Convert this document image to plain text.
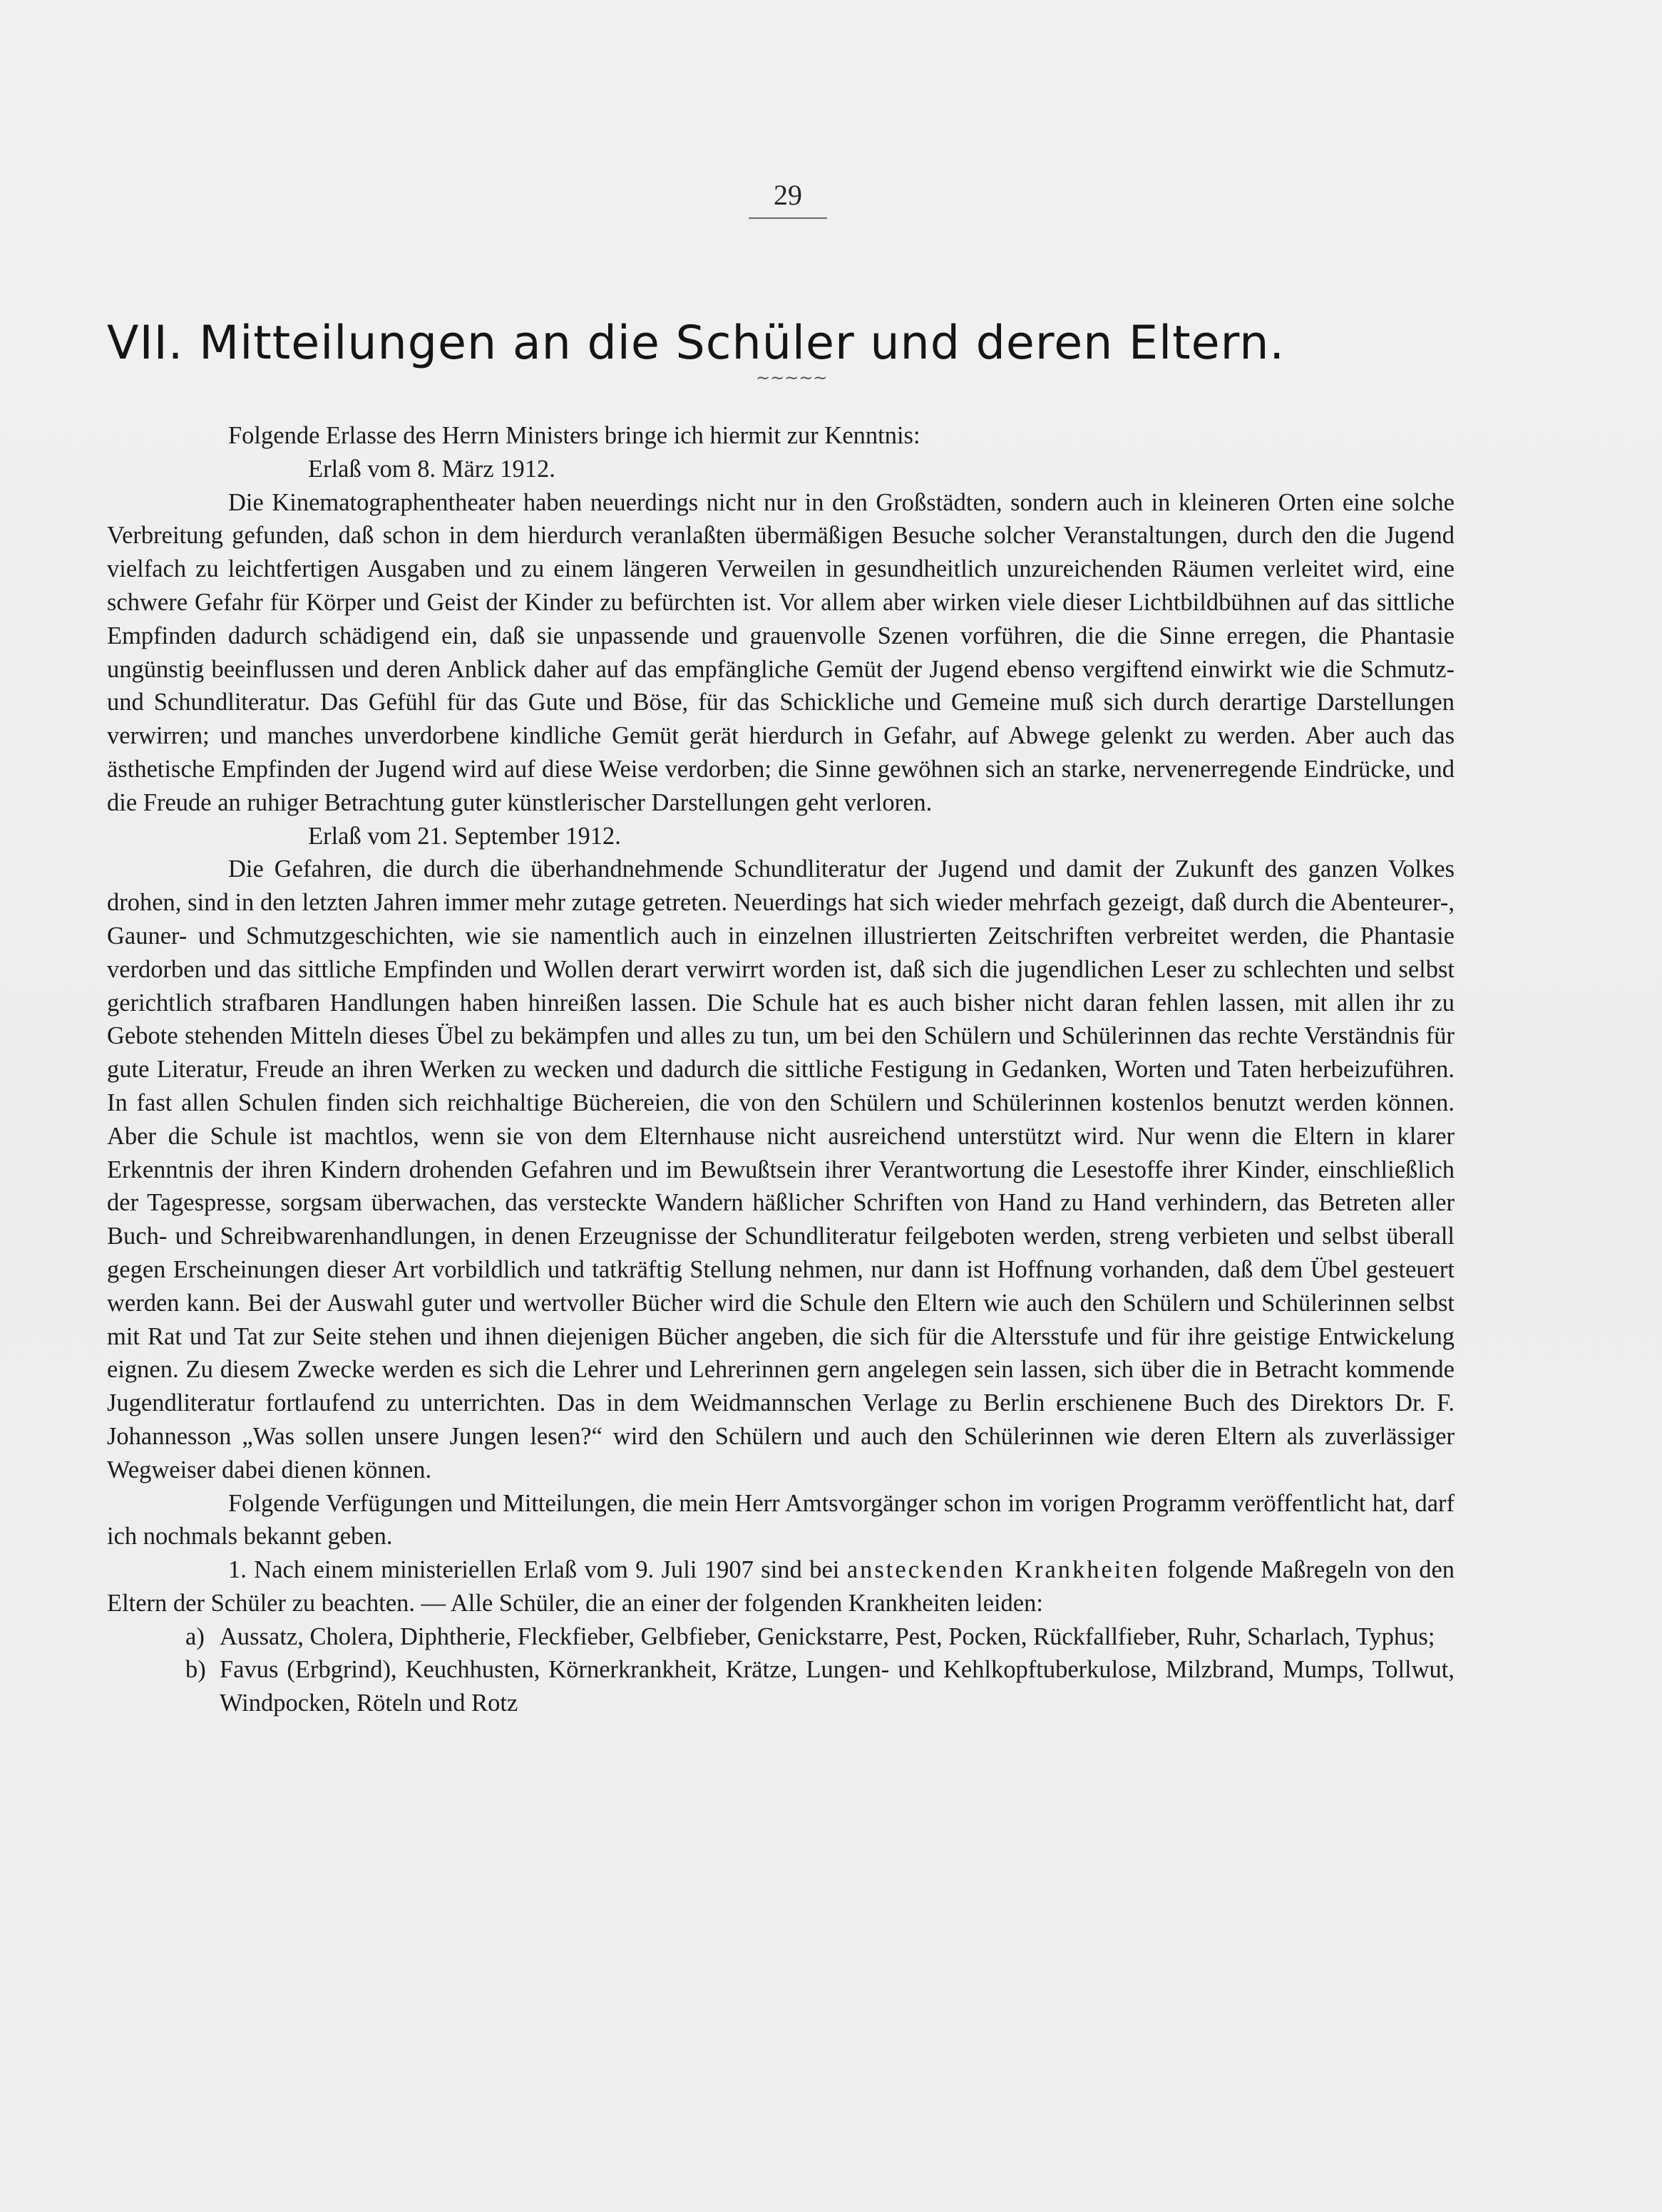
29
VII. Mitteilungen an die Schüler und deren Eltern.
~~~~~

Folgende Erlasse des Herrn Ministers bringe ich hiermit zur Kenntnis:

Erlaß vom 8. März 1912.

Die Kinematographentheater haben neuerdings nicht nur in den Großstädten, sondern auch in kleineren Orten eine solche Verbreitung gefunden, daß schon in dem hierdurch veranlaßten übermäßigen Besuche solcher Veranstaltungen, durch den die Jugend vielfach zu leichtfertigen Ausgaben und zu einem längeren Verweilen in gesundheitlich unzureichenden Räumen verleitet wird, eine schwere Gefahr für Körper und Geist der Kinder zu befürchten ist. Vor allem aber wirken viele dieser Lichtbildbühnen auf das sittliche Empfinden dadurch schädigend ein, daß sie unpassende und grauenvolle Szenen vorführen, die die Sinne erregen, die Phantasie ungünstig beeinflussen und deren Anblick daher auf das empfängliche Gemüt der Jugend ebenso vergiftend einwirkt wie die Schmutz- und Schundliteratur. Das Gefühl für das Gute und Böse, für das Schickliche und Gemeine muß sich durch derartige Darstellungen verwirren; und manches unverdorbene kindliche Gemüt gerät hierdurch in Gefahr, auf Abwege gelenkt zu werden. Aber auch das ästhetische Empfinden der Jugend wird auf diese Weise verdorben; die Sinne gewöhnen sich an starke, nervenerregende Eindrücke, und die Freude an ruhiger Betrachtung guter künstlerischer Darstellungen geht verloren.

Erlaß vom 21. September 1912.

Die Gefahren, die durch die überhandnehmende Schundliteratur der Jugend und damit der Zukunft des ganzen Volkes drohen, sind in den letzten Jahren immer mehr zutage getreten. Neuerdings hat sich wieder mehrfach gezeigt, daß durch die Abenteurer-, Gauner- und Schmutzgeschichten, wie sie namentlich auch in einzelnen illustrierten Zeitschriften verbreitet werden, die Phantasie verdorben und das sittliche Empfinden und Wollen derart verwirrt worden ist, daß sich die jugendlichen Leser zu schlechten und selbst gerichtlich strafbaren Handlungen haben hinreißen lassen. Die Schule hat es auch bisher nicht daran fehlen lassen, mit allen ihr zu Gebote stehenden Mitteln dieses Übel zu bekämpfen und alles zu tun, um bei den Schülern und Schülerinnen das rechte Verständnis für gute Literatur, Freude an ihren Werken zu wecken und dadurch die sittliche Festigung in Gedanken, Worten und Taten herbeizuführen. In fast allen Schulen finden sich reichhaltige Büchereien, die von den Schülern und Schülerinnen kostenlos benutzt werden können. Aber die Schule ist machtlos, wenn sie von dem Elternhause nicht ausreichend unterstützt wird. Nur wenn die Eltern in klarer Erkenntnis der ihren Kindern drohenden Gefahren und im Bewußtsein ihrer Verantwortung die Lesestoffe ihrer Kinder, einschließlich der Tagespresse, sorgsam überwachen, das versteckte Wandern häßlicher Schriften von Hand zu Hand verhindern, das Betreten aller Buch- und Schreibwarenhandlungen, in denen Erzeugnisse der Schundliteratur feilgeboten werden, streng verbieten und selbst überall gegen Erscheinungen dieser Art vorbildlich und tatkräftig Stellung nehmen, nur dann ist Hoffnung vorhanden, daß dem Übel gesteuert werden kann. Bei der Auswahl guter und wertvoller Bücher wird die Schule den Eltern wie auch den Schülern und Schülerinnen selbst mit Rat und Tat zur Seite stehen und ihnen diejenigen Bücher angeben, die sich für die Altersstufe und für ihre geistige Entwickelung eignen. Zu diesem Zwecke werden es sich die Lehrer und Lehrerinnen gern angelegen sein lassen, sich über die in Betracht kommende Jugendliteratur fortlaufend zu unterrichten. Das in dem Weidmannschen Verlage zu Berlin erschienene Buch des Direktors Dr. F. Johannesson „Was sollen unsere Jungen lesen?“ wird den Schülern und auch den Schülerinnen wie deren Eltern als zuverlässiger Wegweiser dabei dienen können.

Folgende Verfügungen und Mitteilungen, die mein Herr Amtsvorgänger schon im vorigen Programm veröffentlicht hat, darf ich nochmals bekannt geben.

1. Nach einem ministeriellen Erlaß vom 9. Juli 1907 sind bei ansteckenden Krankheiten folgende Maßregeln von den Eltern der Schüler zu beachten. — Alle Schüler, die an einer der folgenden Krankheiten leiden:

a) Aussatz, Cholera, Diphtherie, Fleckfieber, Gelbfieber, Genickstarre, Pest, Pocken, Rückfallfieber, Ruhr, Scharlach, Typhus;
b) Favus (Erbgrind), Keuchhusten, Körnerkrankheit, Krätze, Lungen- und Kehlkopftuberkulose, Milzbrand, Mumps, Tollwut, Windpocken, Röteln und Rotz
